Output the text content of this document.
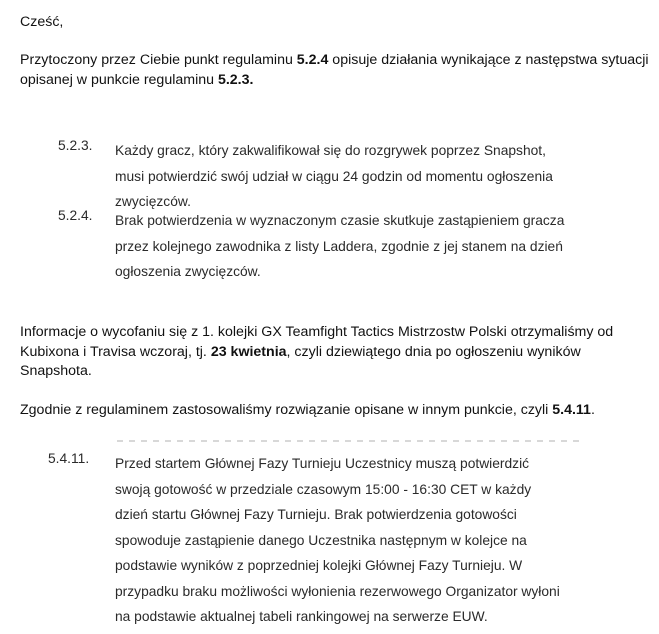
Cześć,
Przytoczony przez Ciebie punkt regulaminu 5.2.4 opisuje działania wynikające z następstwa sytuacji opisanej w punkcie regulaminu 5.2.3.
5.2.3. Każdy gracz, który zakwalifikował się do rozgrywek poprzez Snapshot,
musi potwierdzić swój udział w ciągu 24 godzin od momentu ogłoszenia
zwycięzców.
5.2.4. Brak potwierdzenia w wyznaczonym czasie skutkuje zastąpieniem gracza
przez kolejnego zawodnika z listy Laddera, zgodnie z jej stanem na dzień
ogłoszenia zwycięzców.
Informacje o wycofaniu się z 1. kolejki GX Teamfight Tactics Mistrzostw Polski otrzymaliśmy od Kubixona i Travisa wczoraj, tj. 23 kwietnia, czyli dziewiątego dnia po ogłoszeniu wyników Snapshota.
Zgodnie z regulaminem zastosowaliśmy rozwiązanie opisane w innym punkcie, czyli 5.4.11.
5.4.11. Przed startem Głównej Fazy Turnieju Uczestnicy muszą potwierdzić
swoją gotowość w przedziale czasowym 15:00 - 16:30 CET w każdy
dzień startu Głównej Fazy Turnieju. Brak potwierdzenia gotowości
spowoduje zastąpienie danego Uczestnika następnym w kolejce na
podstawie wyników z poprzedniej kolejki Głównej Fazy Turnieju. W
przypadku braku możliwości wyłonienia rezerwowego Organizator wyłoni
na podstawie aktualnej tabeli rankingowej na serwerze EUW.
